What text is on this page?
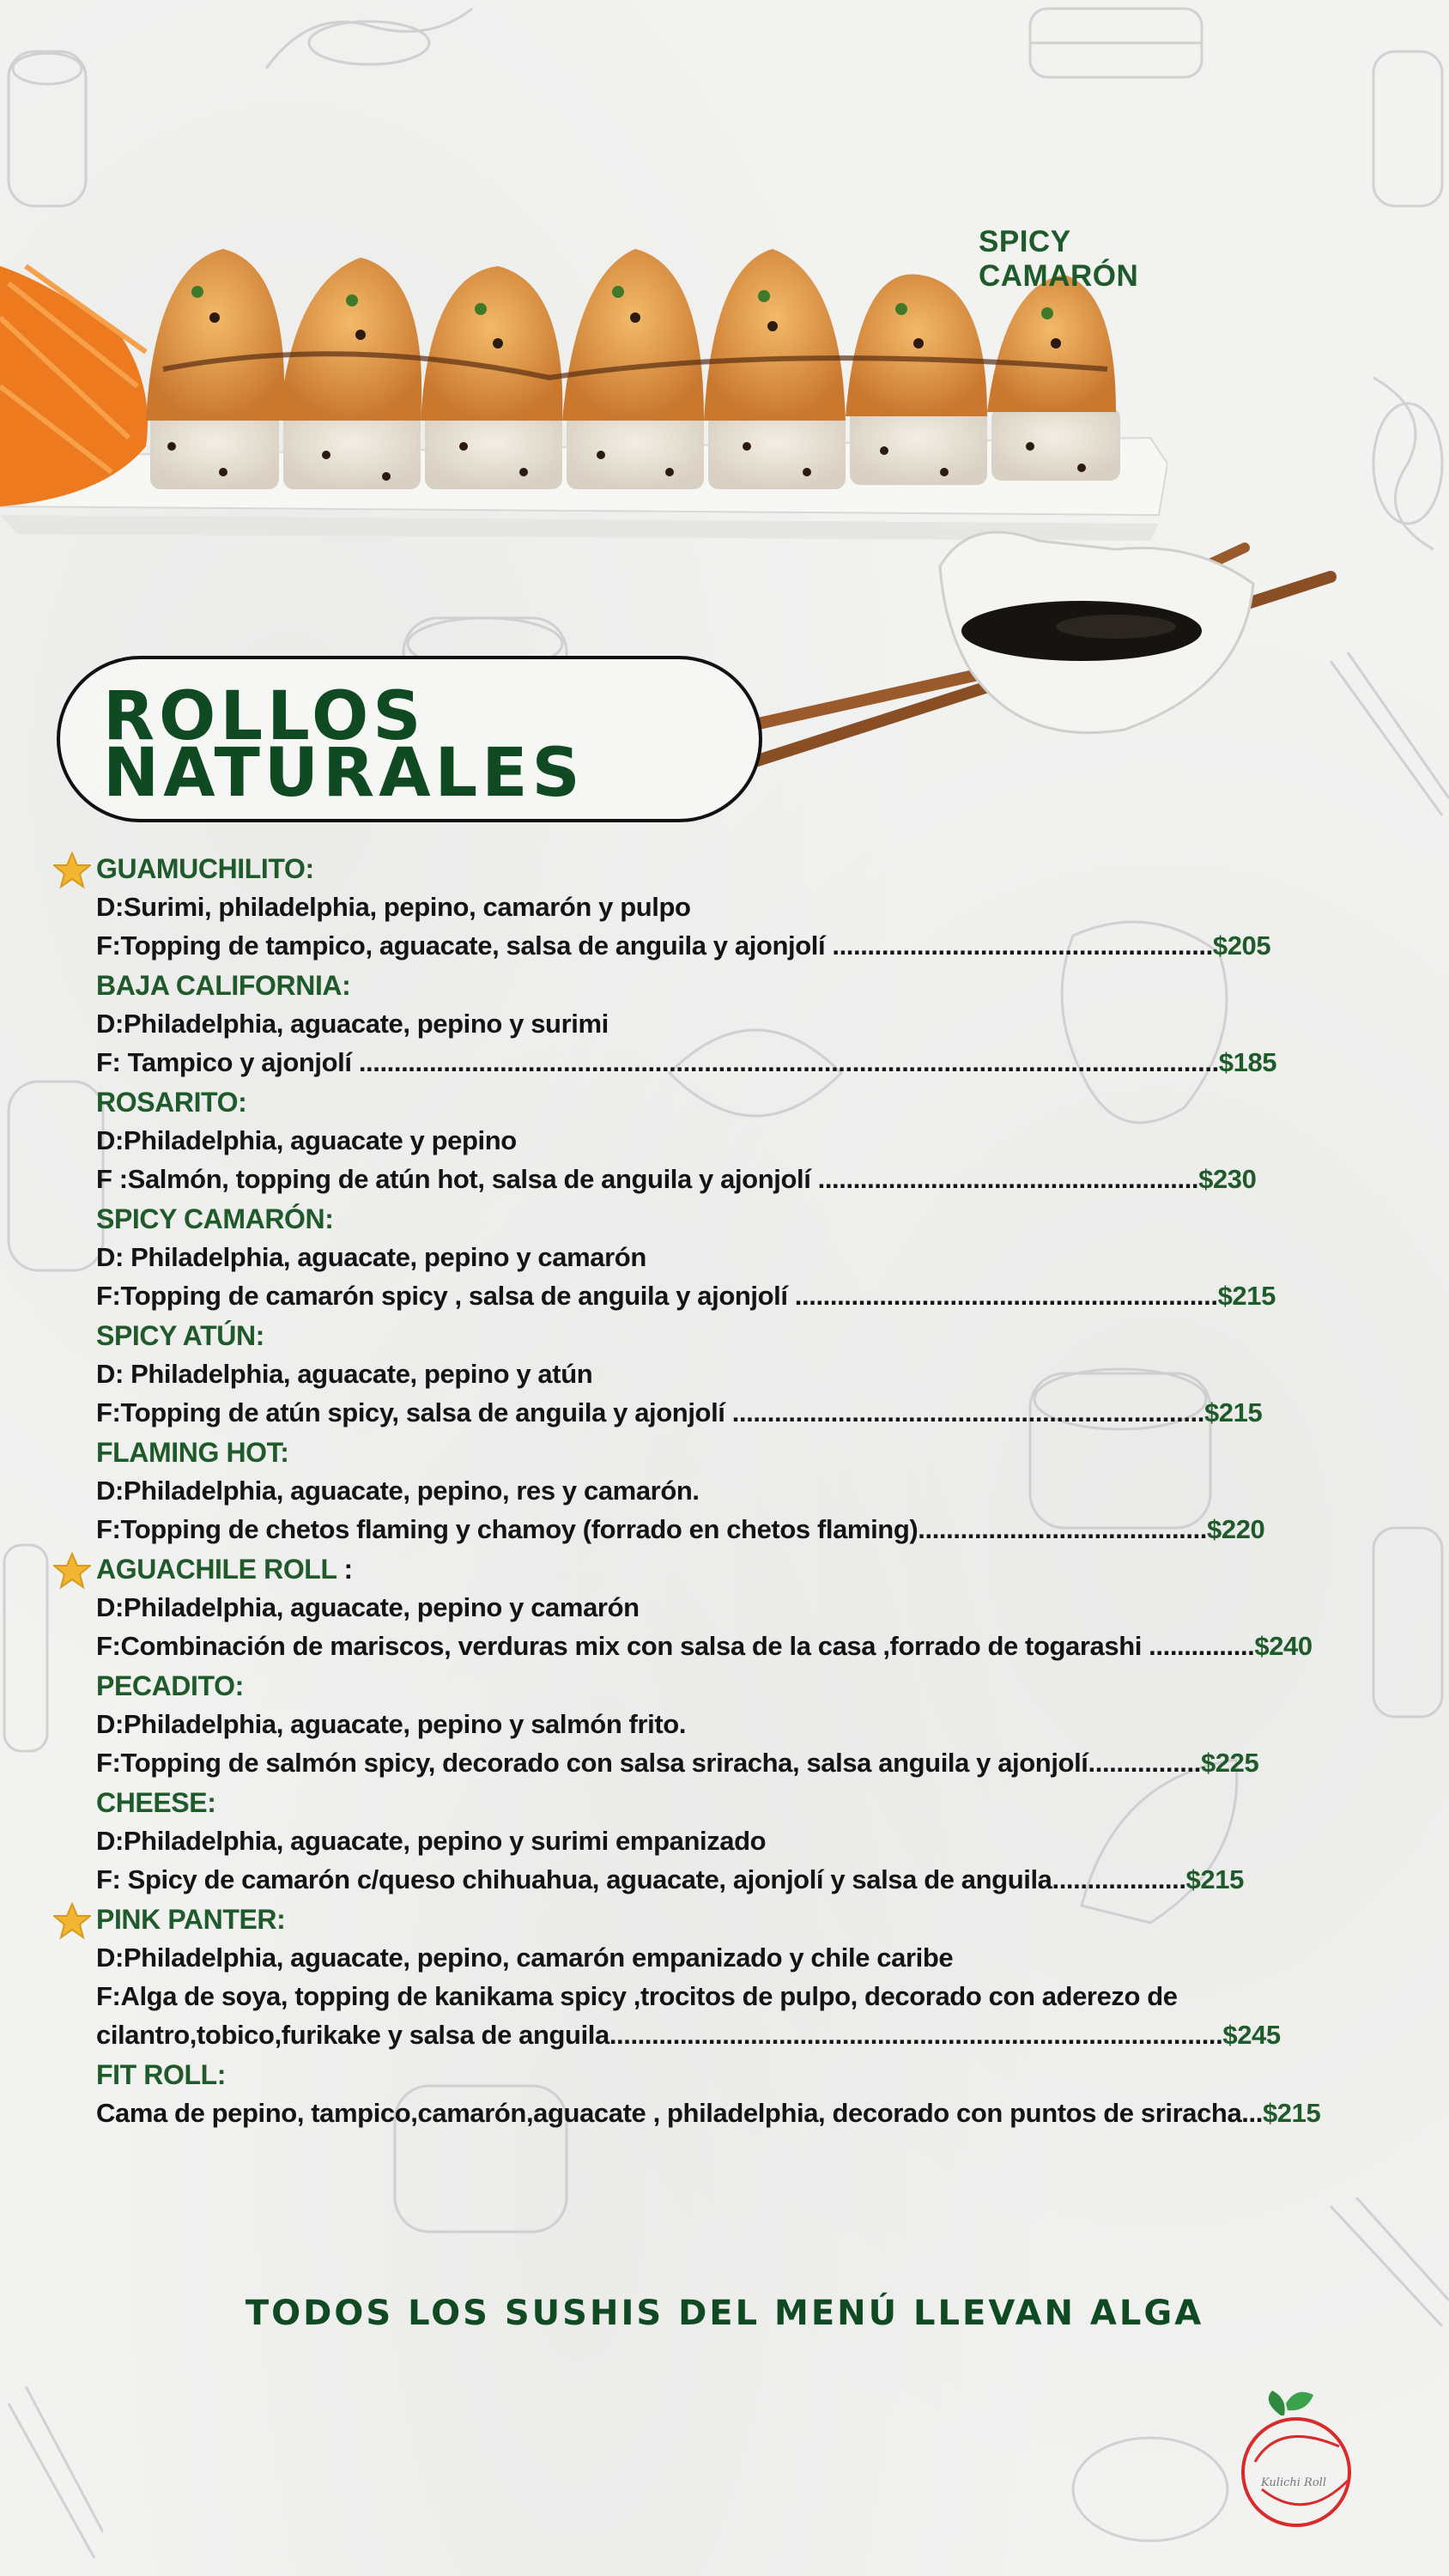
SPICY CAMARÓN
ROLLOS
NATURALES
GUAMUCHILITO:
D:Surimi, philadelphia, pepino, camarón y pulpo
F:Topping de tampico, aguacate, salsa de anguila y ajonjolí ......................................................$205
BAJA CALIFORNIA:
D:Philadelphia, aguacate, pepino y surimi
F: Tampico y ajonjolí ..........................................................................................................................$185
ROSARITO:
D:Philadelphia, aguacate y pepino
F :Salmón, topping de atún hot, salsa de anguila y ajonjolí ......................................................$230
SPICY CAMARÓN:
D: Philadelphia, aguacate, pepino y camarón
F:Topping de camarón spicy , salsa de anguila y ajonjolí ............................................................$215
SPICY ATÚN:
D: Philadelphia, aguacate, pepino y atún
F:Topping de atún spicy, salsa de anguila y ajonjolí ...................................................................$215
FLAMING HOT:
D:Philadelphia, aguacate, pepino, res y camarón.
F:Topping de chetos flaming y chamoy (forrado en chetos flaming).........................................$220
AGUACHILE ROLL :
D:Philadelphia, aguacate, pepino y camarón
F:Combinación de mariscos, verduras mix con salsa de la casa ,forrado de togarashi ...............$240
PECADITO:
D:Philadelphia, aguacate, pepino y salmón frito.
F:Topping de salmón spicy, decorado con salsa sriracha, salsa anguila y ajonjolí................$225
CHEESE:
D:Philadelphia, aguacate, pepino y surimi empanizado
F: Spicy de camarón c/queso chihuahua, aguacate, ajonjolí y salsa de anguila...................$215
PINK PANTER:
D:Philadelphia, aguacate, pepino, camarón empanizado y chile caribe
F:Alga de soya, topping de kanikama spicy ,trocitos de pulpo, decorado con aderezo de
cilantro,tobico,furikake y salsa de anguila.......................................................................................$245
FIT ROLL:
Cama de pepino, tampico,camarón,aguacate , philadelphia, decorado con puntos de sriracha...$215
TODOS LOS SUSHIS DEL MENÚ LLEVAN ALGA
Kulichi Roll
